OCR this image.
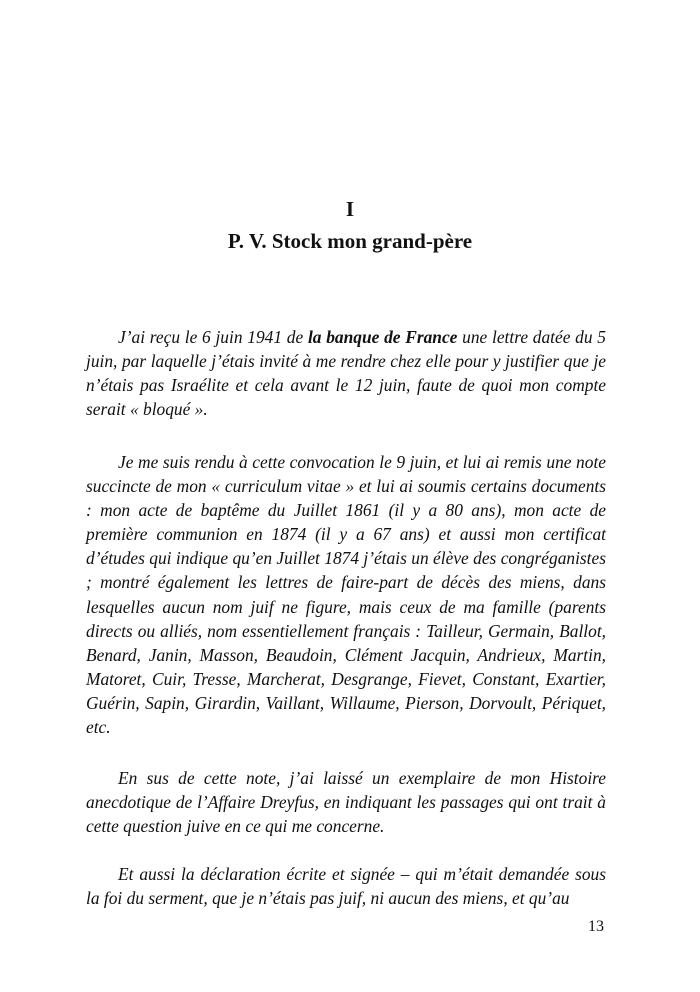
I
P. V. Stock mon grand-père

J’ai reçu le 6 juin 1941 de la banque de France une lettre datée du 5 juin, par laquelle j’étais invité à me rendre chez elle pour y justifier que je n’étais pas Israélite et cela avant le 12 juin, faute de quoi mon compte serait « bloqué ».

Je me suis rendu à cette convocation le 9 juin, et lui ai remis une note succincte de mon « curriculum vitae » et lui ai soumis certains documents : mon acte de baptême du Juillet 1861 (il y a 80 ans), mon acte de première communion en 1874 (il y a 67 ans) et aussi mon certificat d’études qui indique qu’en Juillet 1874 j’étais un élève des congréganistes ; montré également les lettres de faire-part de décès des miens, dans lesquelles aucun nom juif ne figure, mais ceux de ma famille (parents directs ou alliés, nom essentiellement français : Tailleur, Germain, Ballot, Benard, Janin, Masson, Beaudoin, Clément Jacquin, Andrieux, Martin, Matoret, Cuir, Tresse, Marcherat, Desgrange, Fievet, Constant, Exartier, Guérin, Sapin, Girardin, Vaillant, Willaume, Pierson, Dorvoult, Périquet, etc.

En sus de cette note, j’ai laissé un exemplaire de mon Histoire anecdotique de l’Affaire Dreyfus, en indiquant les passages qui ont trait à cette question juive en ce qui me concerne.

Et aussi la déclaration écrite et signée – qui m’était demandée sous la foi du serment, que je n’étais pas juif, ni aucun des miens, et qu’au

13
